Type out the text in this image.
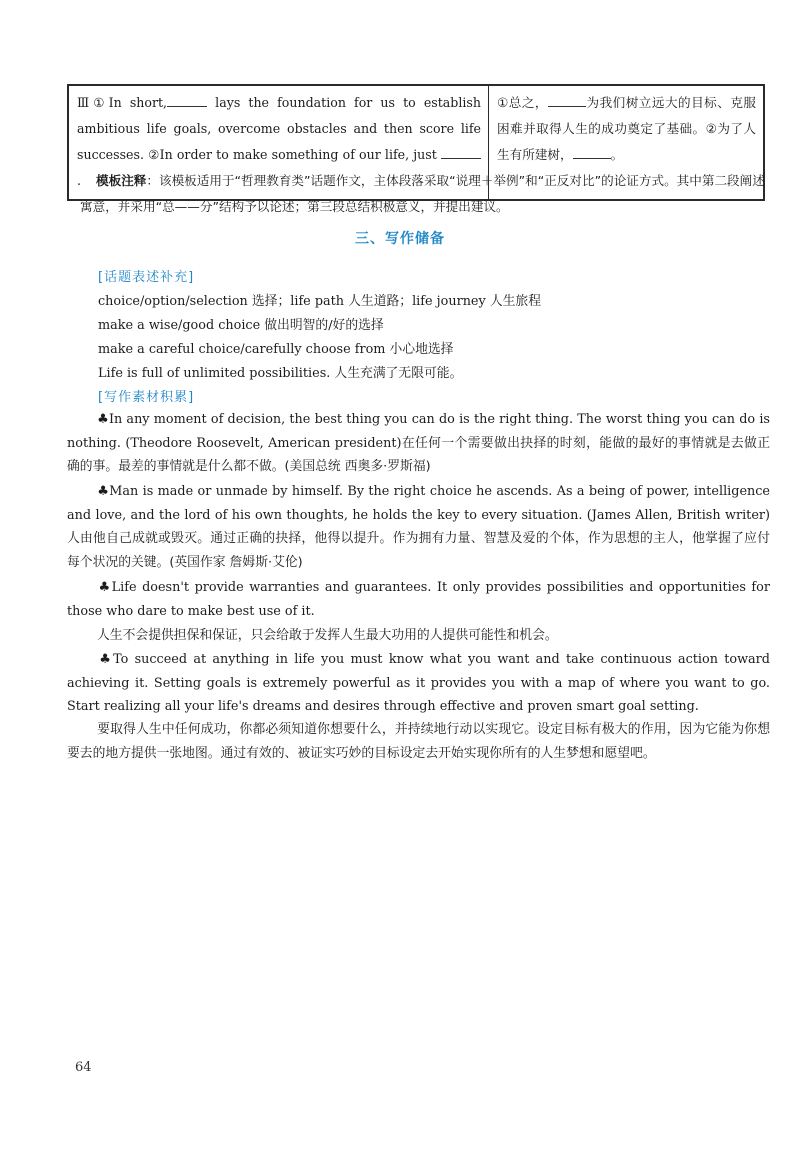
Ⅲ①In short,	lays the foundation for us to establish ambitious life goals, overcome obstacles and then score life successes. ②In order to make something of our life, just .
①总之，	为我们树立远大的目标、克服困难并取得人生的成功奠定了基础。②为了人生有所建树，	。
模板注释：该模板适用于“哲理教育类”话题作文，主体段落采取“说理＋举例”和“正反对比”的论证方式。其中第二段阐述寓意，并采用“总——分”结构予以论述；第三段总结积极意义，并提出建议。
三、写作储备
[话题表述补充]
choice/option/selection 选择；life path 人生道路；life journey 人生旅程
make a wise/good choice 做出明智的/好的选择
make a careful choice/carefully choose from 小心地选择
Life is full of unlimited possibilities. 人生充满了无限可能。
[写作素材积累]
♣In any moment of decision, the best thing you can do is the right thing. The worst thing you can do is nothing. (Theodore Roosevelt, American president)在任何一个需要做出抉择的时刻，能做的最好的事情就是去做正确的事。最差的事情就是什么都不做。(美国总统 西奥多·罗斯福)
♣Man is made or unmade by himself. By the right choice he ascends. As a being of power, intelligence and love, and the lord of his own thoughts, he holds the key to every situation. (James Allen, British writer)人由他自己成就或毁灭。通过正确的抉择，他得以提升。作为拥有力量、智慧及爱的个体，作为思想的主人，他掌握了应付每个状况的关键。(英国作家 詹姆斯·艾伦)
♣Life doesn't provide warranties and guarantees. It only provides possibilities and opportunities for those who dare to make best use of it.
人生不会提供担保和保证，只会给敢于发挥人生最大功用的人提供可能性和机会。
♣To succeed at anything in life you must know what you want and take continuous action toward achieving it. Setting goals is extremely powerful as it provides you with a map of where you want to go. Start realizing all your life's dreams and desires through effective and proven smart goal setting.
要取得人生中任何成功，你都必须知道你想要什么，并持续地行动以实现它。设定目标有极大的作用，因为它能为你想要去的地方提供一张地图。通过有效的、被证实巧妙的目标设定去开始实现你所有的人生梦想和愿望吧。
64
